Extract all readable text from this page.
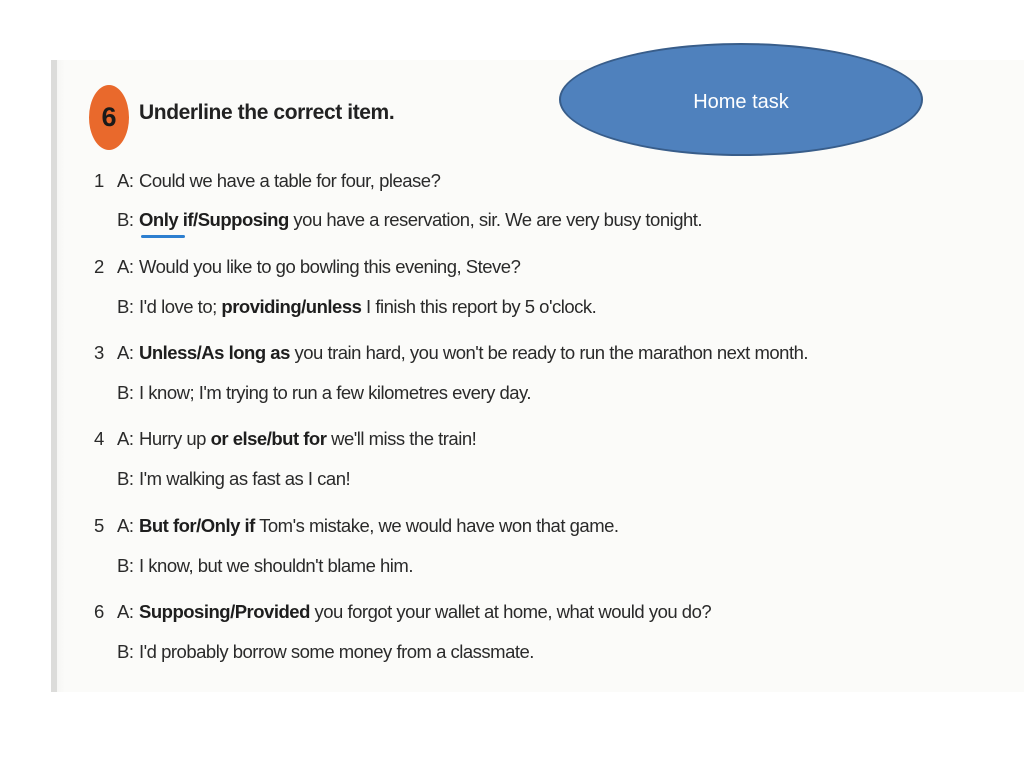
6	Underline the correct item.
1 A: Could we have a table for four, please?
B: Only if/Supposing you have a reservation, sir. We are very busy tonight.
2 A: Would you like to go bowling this evening, Steve?
B: I'd love to; providing/unless I finish this report by 5 o'clock.
3 A: Unless/As long as you train hard, you won't be ready to run the marathon next month.
B: I know; I'm trying to run a few kilometres every day.
4 A: Hurry up or else/but for we'll miss the train!
B: I'm walking as fast as I can!
5 A: But for/Only if Tom's mistake, we would have won that game.
B: I know, but we shouldn't blame him.
6 A: Supposing/Provided you forgot your wallet at home, what would you do?
B: I'd probably borrow some money from a classmate.
Home task
